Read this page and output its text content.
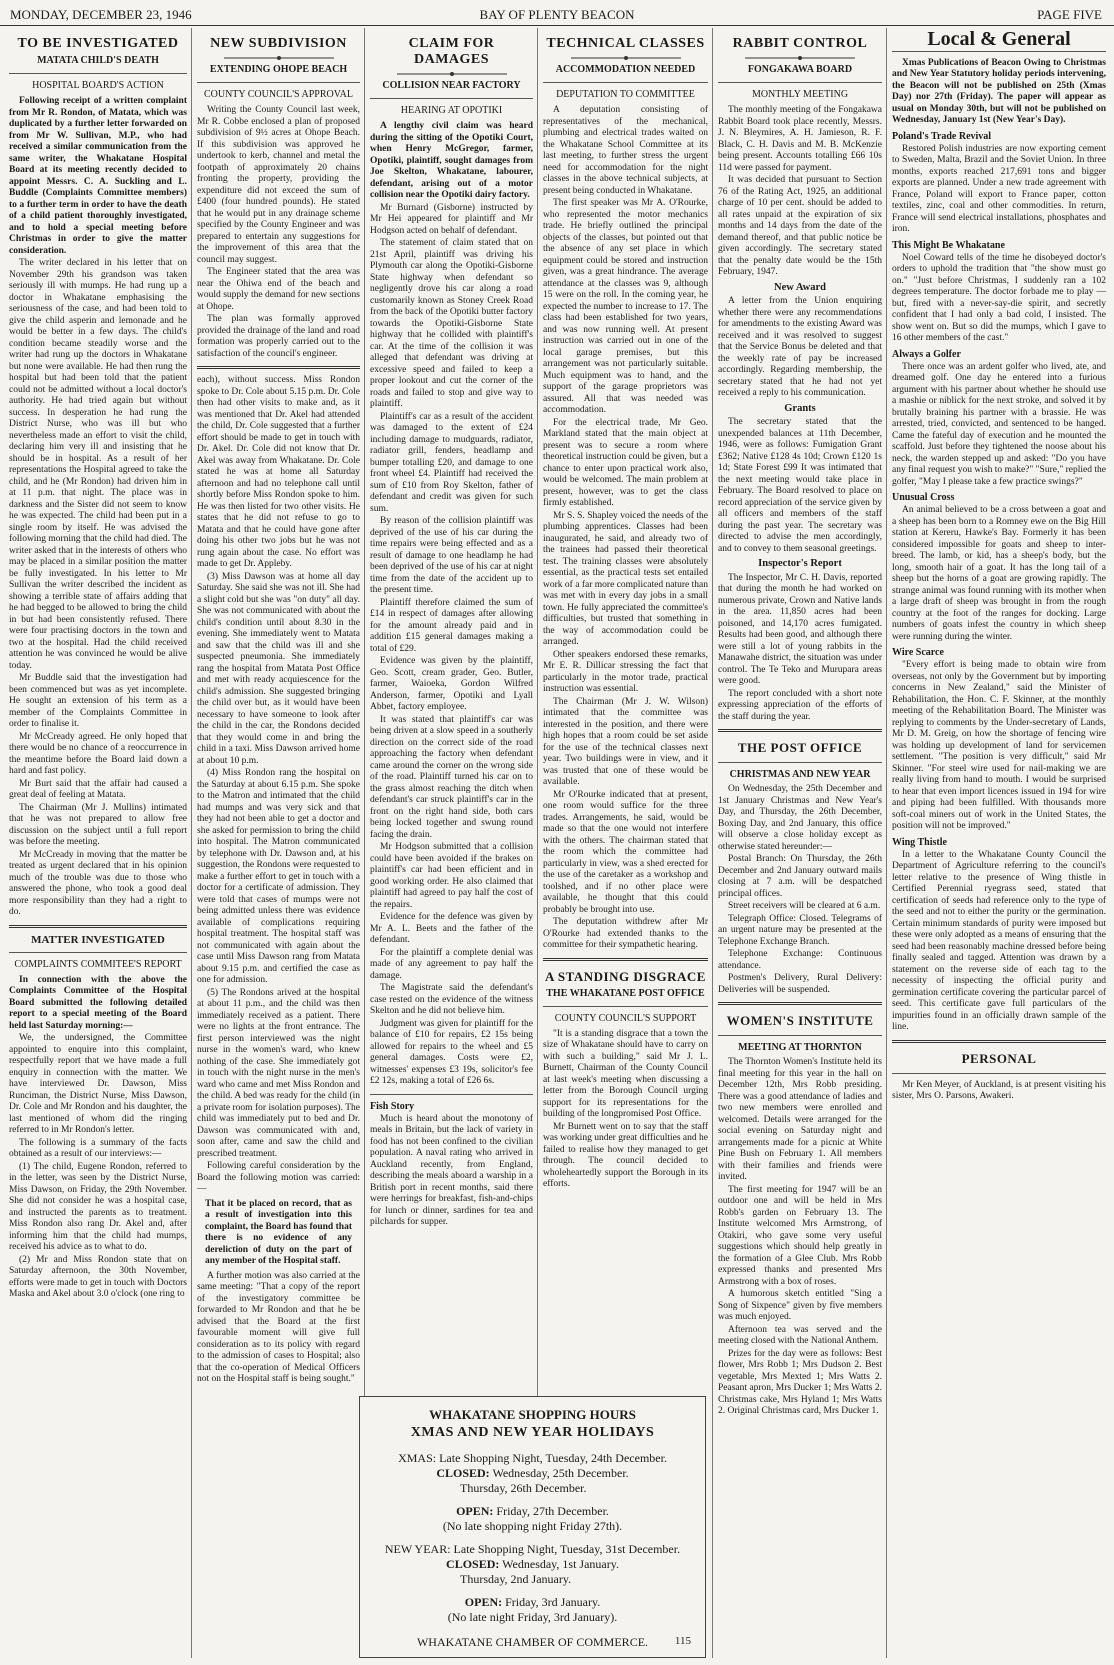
MONDAY, DECEMBER 23, 1946	BAY OF PLENTY BEACON	PAGE FIVE
TO BE INVESTIGATED
MATATA CHILD'S DEATH
HOSPITAL BOARD'S ACTION

Following receipt of a written complaint from Mr R. Rondon, of Matata, which was duplicated by a further letter forwarded on from Mr W. Sullivan, M.P., who had received a similar communication from the same writer, the Whakatane Hospital Board at its meeting recently decided to appoint Messrs. C. A. Suckling and L. Buddle (Complaints Committee members) to a further term in order to have the death of a child patient thoroughly investigated, and to hold a special meeting before Christmas in order to give the matter consideration.

The writer declared in his letter that on November 29th his grandson was taken seriously ill with mumps. He had rung up a doctor in Whakatane emphasising the seriousness of the case, and had been told to give the child asperin and lemonade and he would be better in a few days. The child's condition became steadily worse and the writer had rung up the doctors in Whakatane but none were available. He had then rung the hospital but had been told that the patient could not be admitted without a local doctor's authority. He had tried again but without success. In desperation he had rung the District Nurse, who was ill but who nevertheless made an effort to visit the child, declaring him very ill and insisting that he should be in hospital. As a result of her representations the Hospital agreed to take the child, and he (Mr Rondon) had driven him in at 11 p.m. that night. The place was in darkness and the Sister did not seem to know he was expected. The child had been put in a single room by itself. He was advised the following morning that the child had died. The writer asked that in the interests of others who may be placed in a similar position the matter be fully investigated. In his letter to Mr Sullivan the writer described the incident as showing a terrible state of affairs adding that he had begged to be allowed to bring the child in but had been consistently refused. There were four practising doctors in the town and two at the hospital. Had the child received attention he was convinced he would be alive today.

Mr Buddle said that the investigation had been commenced but was as yet incomplete. He sought an extension of his term as a member of the Complaints Committee in order to finalise it.

Mr McCready agreed. He only hoped that there would be no chance of a reoccurrence in the meantime before the Board laid down a hard and fast policy.

Mr Burt said that the affair had caused a great deal of feeling at Matata.

The Chairman (Mr J. Mullins) intimated that he was not prepared to allow free discussion on the subject until a full report was before the meeting.

Mr McCready in moving that the matter be treated as urgent declared that in his opinion much of the trouble was due to those who answered the phone, who took a good deal more responsibility than they had a right to do.

MATTER INVESTIGATED
COMPLAINTS COMMITEE'S REPORT

In connection with the above the Complaints Committee of the Hospital Board submitted the following detailed report to a special meeting of the Board held last Saturday morning:—

We, the undersigned, the Committee appointed to enquire into this complaint, respectfully report that we have made a full enquiry in connection with the matter. We have interviewed Dr. Dawson, Miss Runciman, the District Nurse, Miss Dawson, Dr. Cole and Mr Rondon and his daughter, the last mentioned of whom did the ringing referred to in Mr Rondon's letter.

The following is a summary of the facts obtained as a result of our interviews:—

(1) The child, Eugene Rondon, referred to in the letter, was seen by the District Nurse, Miss Dawson, on Friday, the 29th November. She did not consider he was a hospital case, and instructed the parents as to treatment. Miss Rondon also rang Dr. Akel and, after informing him that the child had mumps, received his advice as to what to do.

(2) Mr and Miss Rondon state that on Saturday afternoon, the 30th November, efforts were made to get in touch with Doctors Maska and Akel about 3.0 o'clock (one ring to

NEW SUBDIVISION
EXTENDING OHOPE BEACH
COUNTY COUNCIL'S APPROVAL

Writing the County Council last week, Mr R. Cobbe enclosed a plan of proposed subdivision of 9½ acres at Ohope Beach. If this subdivision was approved he undertook to kerb, channel and metal the footpath of approximately 20 chains fronting the property, providing the expenditure did not exceed the sum of £400 (four hundred pounds). He stated that he would put in any drainage scheme specified by the County Engineer and was prepared to entertain any suggestions for the improvement of this area that the council may suggest.

The Engineer stated that the area was near the Ohiwa end of the beach and would supply the demand for new sections at Ohope.

The plan was formally approved provided the drainage of the land and road formation was properly carried out to the satisfaction of the council's engineer.

each), without success. Miss Rondon spoke to Dr. Cole about 5.15 p.m. Dr. Cole then had other visits to make and, as it was mentioned that Dr. Akel had attended the child, Dr. Cole suggested that a further effort should be made to get in touch with Dr. Akel. Dr. Cole did not know that Dr. Akel was away from Whakatane. Dr. Cole stated he was at home all Saturday afternoon and had no telephone call until shortly before Miss Rondon spoke to him. He was then listed for two other visits. He states that he did not refuse to go to Matata and that he could have gone after doing his other two jobs but he was not rung again about the case. No effort was made to get Dr. Appleby.

(3) Miss Dawson was at home all day Saturday. She said she was not ill. She had a slight cold but she was "on duty" all day. She was not communicated with about the child's condition until about 8.30 in the evening. She immediately went to Matata and saw that the child was ill and she suspected pneumonia. She immediately rang the hospital from Matata Post Office and met with ready acquiescence for the child's admission. She suggested bringing the child over but, as it would have been necessary to have someone to look after the child in the car, the Rondons decided that they would come in and bring the child in a taxi. Miss Dawson arrived home at about 10 p.m.

(4) Miss Rondon rang the hospital on the Saturday at about 6.15 p.m. She spoke to the Matron and intimated that the child had mumps and was very sick and that they had not been able to get a doctor and she asked for permission to bring the child into hospital. The Matron communicated by telephone with Dr. Dawson and, at his suggestion, the Rondons were requested to make a further effort to get in touch with a doctor for a certificate of admission. They were told that cases of mumps were not being admitted unless there was evidence available of complications requiring hospital treatment. The hospital staff was not communicated with again about the case until Miss Dawson rang from Matata about 9.15 p.m. and certified the case as one for admission.

(5) The Rondons arived at the hospital at about 11 p.m., and the child was then immediately received as a patient. There were no lights at the front entrance. The first person interviewed was the night nurse in the women's ward, who knew nothing of the case. She immediately got in touch with the night nurse in the men's ward who came and met Miss Rondon and the child. A bed was ready for the child (in a private room for isolation purposes). The child was immediately put to bed and Dr. Dawson was communicated with and, soon after, came and saw the child and prescribed treatment.

Following careful consideration by the Board the following motion was carried:—

That it be placed on record, that as a result of investigation into this complaint, the Board has found that there is no evidence of any dereliction of duty on the part of any member of the Hospital staff.

A further motion was also carried at the same meeting: "That a copy of the report of the investigatory committee be forwarded to Mr Rondon and that he be advised that the Board at the first favourable moment will give full consideration as to its policy with regard to the admission of cases to Hospital; also that the co-operation of Medical Officers not on the Hospital staff is being sought."

CLAIM FOR DAMAGES
COLLISION NEAR FACTORY
HEARING AT OPOTIKI

A lengthy civil claim was heard during the sitting of the Opotiki Court, when Henry McGregor, farmer, Opotiki, plaintiff, sought damages from Joe Skelton, Whakatane, labourer, defendant, arising out of a motor collision near the Opotiki dairy factory.

Mr Burnard (Gisborne) instructed by Mr Hei appeared for plaintiff and Mr Hodgson acted on behalf of defendant.

The statement of claim stated that on 21st April, plaintiff was driving his Plymouth car along the Opotiki-Gisborne State highway when defendant so negligently drove his car along a road customarily known as Stoney Creek Road from the back of the Opotiki butter factory towards the Opotiki-Gisborne State highway that he collided with plaintiff's car. At the time of the collision it was alleged that defendant was driving at excessive speed and failed to keep a proper lookout and cut the corner of the roads and failed to stop and give way to plaintiff.

Plaintiff's car as a result of the accident was damaged to the extent of £24 including damage to mudguards, radiator, radiator grill, fenders, headlamp and bumper totalling £20, and damage to one front wheel £4. Plaintiff had received the sum of £10 from Roy Skelton, father of defendant and credit was given for such sum.

By reason of the collision plaintiff was deprived of the use of his car during the time repairs were being effected and as a result of damage to one headlamp he had been deprived of the use of his car at night time from the date of the accident up to the present time.

Plaintiff therefore claimed the sum of £14 in respect of damages after allowing for the amount already paid and in addition £15 general damages making a total of £29.

Evidence was given by the plaintiff, Geo. Scott, cream grader, Geo. Butler, farmer, Waioeka, Gordon Wilfred Anderson, farmer, Opotiki and Lyall Abbet, factory employee.

It was stated that plaintiff's car was being driven at a slow speed in a southerly direction on the correct side of the road approaching the factory when defendant came around the corner on the wrong side of the road. Plaintiff turned his car on to the grass almost reaching the ditch when defendant's car struck plaintiff's car in the front on the right hand side, both cars being locked together and swung round facing the drain.

Mr Hodgson submitted that a collision could have been avoided if the brakes on plaintiff's car had been efficient and in good working order. He also claimed that plaintiff had agreed to pay half the cost of the repairs.

Evidence for the defence was given by Mr A. L. Beets and the father of the defendant.

For the plaintiff a complete denial was made of any agreement to pay half the damage.

The Magistrate said the defendant's case rested on the evidence of the witness Skelton and he did not believe him.

Judgment was given for plaintiff for the balance of £10 for repairs, £2 15s being allowed for repairs to the wheel and £5 general damages. Costs were £2, witnesses' expenses £3 19s, solicitor's fee £2 12s, making a total of £26 6s.

Fish Story

Much is heard about the monotony of meals in Britain, but the lack of variety in food has not been confined to the civilian population. A naval rating who arrived in Auckland recently, from England, describing the meals aboard a warship in a British port in recent months, said there were herrings for breakfast, fish-and-chips for lunch or dinner, sardines for tea and pilchards for supper.

TECHNICAL CLASSES
ACCOMMODATION NEEDED
DEPUTATION TO COMMITTEE

A deputation consisting of representatives of the mechanical, plumbing and electrical trades waited on the Whakatane School Committee at its last meeting, to further stress the urgent need for accommodation for the night classes in the above technical subjects, at present being conducted in Whakatane.

The first speaker was Mr A. O'Rourke, who represented the motor mechanics trade. He briefly outlined the principal objects of the classes, but pointed out that the absence of any set place in which equipment could be stored and instruction given, was a great hindrance. The average attendance at the classes was 9, although 15 were on the roll. In the coming year, he expected the number to increase to 17. The class had been established for two years, and was now running well. At present instruction was carried out in one of the local garage premises, but this arrangement was not particularly suitable. Much equipment was to hand, and the support of the garage proprietors was assured. All that was needed was accommodation.

For the electrical trade, Mr Geo. Markland stated that the main object at present was to secure a room where theoretical instruction could be given, but a chance to enter upon practical work also, would be welcomed. The main problem at present, however, was to get the class firmly established.

Mr S. S. Shapley voiced the needs of the plumbing apprentices. Classes had been inaugurated, he said, and already two of the trainees had passed their theoretical test. The training classes were absolutely essential, as the practical tests set entailed work of a far more complicated nature than was met with in every day jobs in a small town. He fully appreciated the committee's difficulties, but trusted that something in the way of accommodation could be arranged.

Other speakers endorsed these remarks, Mr E. R. Dillicar stressing the fact that particularly in the motor trade, practical instruction was essential.

The Chairman (Mr J. W. Wilson) intimated that the committee was interested in the position, and there were high hopes that a room could be set aside for the use of the technical classes next year. Two buildings were in view, and it was trusted that one of these would be available.

Mr O'Rourke indicated that at present, one room would suffice for the three trades. Arrangements, he said, would be made so that the one would not interfere with the others. The chairman stated that the room which the committee had particularly in view, was a shed erected for the use of the caretaker as a workshop and toolshed, and if no other place were available, he thought that this could probably be brought into use.

The deputation withdrew after Mr O'Rourke had extended thanks to the committee for their sympathetic hearing.

A STANDING DISGRACE
THE WHAKATANE POST OFFICE
COUNTY COUNCIL'S SUPPORT

"It is a standing disgrace that a town the size of Whakatane should have to carry on with such a building," said Mr J. L. Burnett, Chairman of the County Council at last week's meeting when discussing a letter from the Borough Council urging support for its representations for the building of the longpromised Post Office.

Mr Burnett went on to say that the staff was working under great difficulties and he failed to realise how they managed to get through. The council decided to wholeheartedly support the Borough in its efforts.

RABBIT CONTROL
FONGAKAWA BOARD
MONTHLY MEETING

The monthly meeting of the Fongakawa Rabbit Board took place recently, Messrs. J. N. Bleymires, A. H. Jamieson, R. F. Black, C. H. Davis and M. B. McKenzie being present. Accounts totalling £66 10s 11d were passed for payment.

It was decided that pursuant to Section 76 of the Rating Act, 1925, an additional charge of 10 per cent. should be added to all rates unpaid at the expiration of six months and 14 days from the date of the demand thereof, and that public notice be given accordingly. The secretary stated that the penalty date would be the 15th February, 1947.

New Award

A letter from the Union enquiring whether there were any recommendations for amendments to the existing Award was received and it was resolved to suggest that the Service Bonus be deleted and that the weekly rate of pay be increased accordingly. Regarding membership, the secretary stated that he had not yet received a reply to his communication.

Grants

The secretary stated that the unexpended balances at 11th December, 1946, were as follows: Fumigation Grant £362; Native £128 4s 10d; Crown £120 1s 1d; State Forest £99 It was intimated that the next meeting would take place in February. The Board resolved to place on record appreciation of the service given by all officers and members of the staff during the past year. The secretary was directed to advise the men accordingly, and to convey to them seasonal greetings.

Inspector's Report

The Inspector, Mr C. H. Davis, reported that during the month he had worked on numerous private, Crown and Native lands in the area. 11,850 acres had been poisoned, and 14,170 acres fumigated. Results had been good, and although there were still a lot of young rabbits in the Manawahe district, the situation was under control. The Te Teko and Murupara areas were good.

The report concluded with a short note expressing appreciation of the efforts of the staff during the year.

THE POST OFFICE
CHRISTMAS AND NEW YEAR

On Wednesday, the 25th December and 1st January Christmas and New Year's Day, and Thursday, the 26th December, Boxing Day, and 2nd January, this office will observe a close holiday except as otherwise stated hereunder:—

Postal Branch: On Thursday, the 26th December and 2nd January outward mails closing at 7 a.m. will be despatched principal offices.

Street receivers will be cleared at 6 a.m.

Telegraph Office: Closed. Telegrams of an urgent nature may be presented at the Telephone Exchange Branch.

Telephone Exchange: Continuous attendance.

Postmen's Delivery, Rural Delivery: Deliveries will be suspended.

WOMEN'S INSTITUTE
MEETING AT THORNTON

The Thornton Women's Institute held its final meeting for this year in the hall on December 12th, Mrs Robb presiding. There was a good attendance of ladies and two new members were enrolled and welcomed. Details were arranged for the social evening on Saturday night and arrangements made for a picnic at White Pine Bush on February 1. All members with their families and friends were invited.

The first meeting for 1947 will be an outdoor one and will be held in Mrs Robb's garden on February 13. The Institute welcomed Mrs Armstrong, of Otakiri, who gave some very useful suggestions which should help greatly in the formation of a Glee Club. Mrs Robb expressed thanks and presented Mrs Armstrong with a box of roses.

A humorous sketch entitled "Sing a Song of Sixpence" given by five members was much enjoyed.

Afternoon tea was served and the meeting closed with the National Anthem.

Prizes for the day were as follows: Best flower, Mrs Robb 1; Mrs Dudson 2. Best vegetable, Mrs Mexted 1; Mrs Watts 2. Peasant apron, Mrs Ducker 1; Mrs Watts 2. Christmas cake, Mrs Hyland 1; Mrs Watts 2. Original Christmas card, Mrs Ducker 1.

Local & General

Xmas Publications of Beacon Owing to Christmas and New Year Statutory holiday periods intervening, the Beacon will not be published on 25th (Xmas Day) nor 27th (Friday). The paper will appear as usual on Monday 30th, but will not be published on Wednesday, January 1st (New Year's Day).

Poland's Trade Revival

Restored Polish industries are now exporting cement to Sweden, Malta, Brazil and the Soviet Union. In three months, exports reached 217,691 tons and bigger exports are planned. Under a new trade agreement with France, Poland will export to France paper, cotton textiles, zinc, coal and other commodities. In return, France will send electrical installations, phosphates and iron.

This Might Be Whakatane

Noel Coward tells of the time he disobeyed doctor's orders to uphold the tradition that "the show must go on." "Just before Christmas, I suddenly ran a 102 degrees temperature. The doctor forbade me to play —but, fired with a never-say-die spirit, and secretly confident that I had only a bad cold, I insisted. The show went on. But so did the mumps, which I gave to 16 other members of the cast."

Always a Golfer

There once was an ardent golfer who lived, ate, and dreamed golf. One day he entered into a furious argument with his partner about whether he should use a mashie or niblick for the next stroke, and solved it by brutally braining his partner with a brassie. He was arrested, tried, convicted, and sentenced to be hanged. Came the fateful day of execution and he mounted the scaffold. Just before they tightened the noose about his neck, the warden stepped up and asked: "Do you have any final request you wish to make?" "Sure," replied the golfer, "May I please take a few practice swings?"

Unusual Cross

An animal believed to be a cross between a goat and a sheep has been born to a Romney ewe on the Big Hill station at Kereru, Hawke's Bay. Formerly it has been considered impossible for goats and sheep to inter-breed. The lamb, or kid, has a sheep's body, but the long, smooth hair of a goat. It has the long tail of a sheep but the horns of a goat are growing rapidly. The strange animal was found running with its mother when a large draft of sheep was brought in from the rough country at the foot of the ranges for docking. Large numbers of goats infest the country in which sheep were running during the winter.

Wire Scarce

"Every effort is being made to obtain wire from overseas, not only by the Government but by importing concerns in New Zealand," said the Minister of Rehabilitation, the Hon. C. F. Skinner, at the monthly meeting of the Rehabilitation Board. The Minister was replying to comments by the Under-secretary of Lands, Mr D. M. Greig, on how the shortage of fencing wire was holding up development of land for servicemen settlement. "The position is very difficult," said Mr Skinner. "For steel wire used for nail-making we are really living from hand to mouth. I would be surprised to hear that even import licences issued in 194 for wire and piping had been fulfilled. With thousands more soft-coal miners out of work in the United States, the position will not be improved."

Wing Thistle

In a letter to the Whakatane County Council the Department of Agriculture referring to the council's letter relative to the presence of Wing thistle in Certified Perennial ryegrass seed, stated that certification of seeds had reference only to the type of the seed and not to either the purity or the germination. Certain minimum standards of purity were imposed but these were only adopted as a means of ensuring that the seed had been reasonably machine dressed before being finally sealed and tagged. Attention was drawn by a statement on the reverse side of each tag to the necessity of inspecting the official purity and germination certificate covering the particular parcel of seed. This certificate gave full particulars of the impurities found in an officially drawn sample of the line.

PERSONAL

Mr Ken Meyer, of Auckland, is at present visiting his sister, Mrs O. Parsons, Awakeri.

WHAKATANE SHOPPING HOURS
XMAS AND NEW YEAR HOLIDAYS
XMAS: Late Shopping Night, Tuesday, 24th December.
CLOSED: Wednesday, 25th December.
Thursday, 26th December.
OPEN: Friday, 27th December.
(No late shopping night Friday 27th).
NEW YEAR: Late Shopping Night, Tuesday, 31st December.
CLOSED: Wednesday, 1st January.
Thursday, 2nd January.
OPEN: Friday, 3rd January.
(No late night Friday, 3rd January).
WHAKATANE CHAMBER OF COMMERCE. 115
